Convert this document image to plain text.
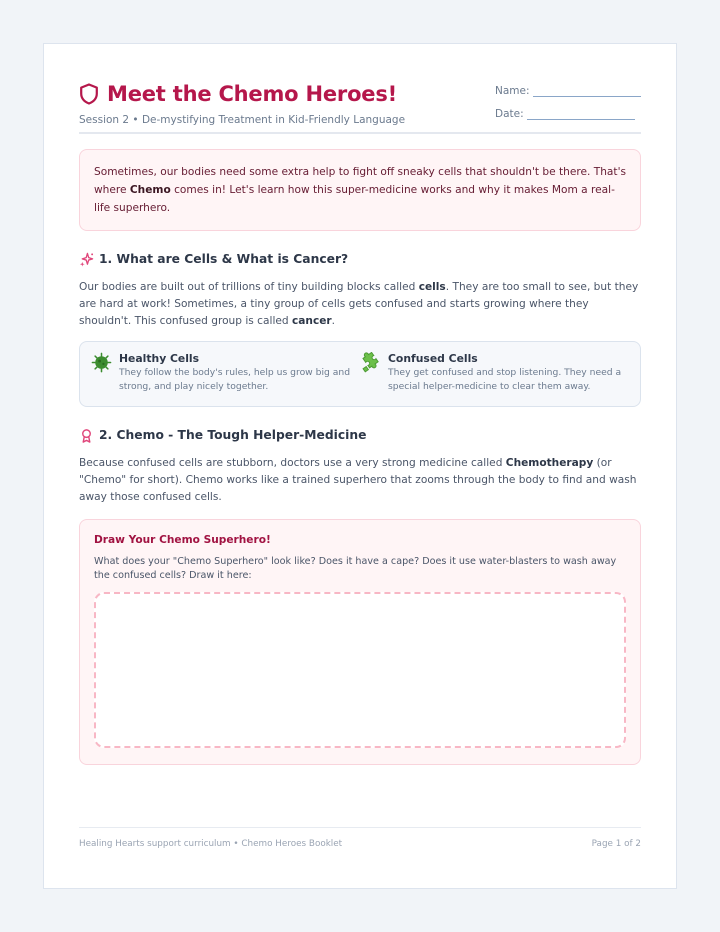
Meet the Chemo Heroes!
Session 2 • De-mystifying Treatment in Kid-Friendly Language
Name:
Date:
Sometimes, our bodies need some extra help to fight off sneaky cells that shouldn't be there. That's where Chemo comes in! Let's learn how this super-medicine works and why it makes Mom a real-life superhero.
1. What are Cells & What is Cancer?
Our bodies are built out of trillions of tiny building blocks called cells. They are too small to see, but they are hard at work! Sometimes, a tiny group of cells gets confused and starts growing where they shouldn't. This confused group is called cancer.
Healthy Cells

They follow the body's rules, help us grow big and strong, and play nicely together.

Confused Cells

They get confused and stop listening. They need a special helper-medicine to clear them away.

2. Chemo - The Tough Helper-Medicine
Because confused cells are stubborn, doctors use a very strong medicine called Chemotherapy (or "Chemo" for short). Chemo works like a trained superhero that zooms through the body to find and wash away those confused cells.
Draw Your Chemo Superhero!

What does your "Chemo Superhero" look like? Does it have a cape? Does it use water-blasters to wash away the confused cells? Draw it here:

Healing Hearts support curriculum • Chemo Heroes Booklet	Page 1 of 2
